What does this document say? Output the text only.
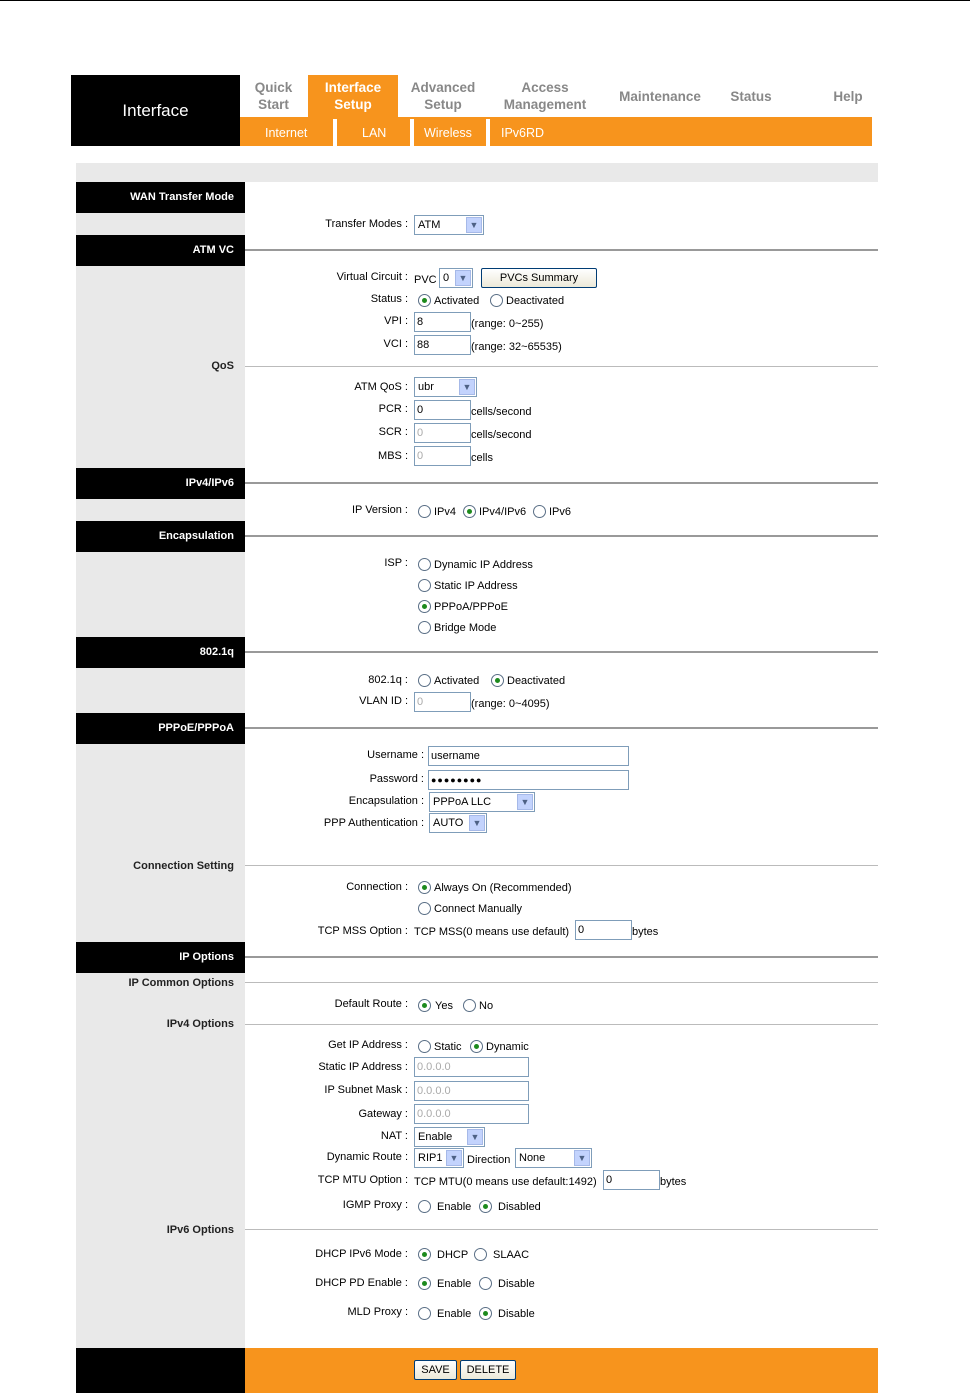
Interface
Quick
Start
Interface
Setup
Advanced
Setup
Access
Management
Maintenance	Status	Help
Internet	LAN	Wireless IPv6RD
WAN Transfer Mode
ATM VC
IPv4/IPv6
Encapsulation
802.1q
PPPoE/PPPoA
IP Options
QoS
Connection Setting
IP Common Options
IPv4 Options
IPv6 Options
Transfer Modes : ATM	▼
Virtual Circuit : PVC 0	▼	PVCs Summary
Status : Activated Deactivated
VPI :
8	(range: 0~255)
VCI :
88	(range: 32~65535)
ATM QoS : ubr	▼
PCR :
0	cells/second
SCR :
0	cells/second
MBS :
0	cells
IP Version : IPv4 IPv4/IPv6 IPv6
ISP : Dynamic IP Address
Static IP Address
PPPoA/PPPoE
Bridge Mode
802.1q : Activated	Deactivated
VLAN ID :
0	(range: 0~4095)
Username :
username
Password : ●●●●●●●●
Encapsulation : PPPoA LLC	▼
PPP Authentication : AUTO	▼
Connection : Always On (Recommended)
Connect Manually
TCP MSS Option : TCP MSS(0 means use default)
0	bytes
Default Route : Yes No
Get IP Address : Static Dynamic
Static IP Address :
0.0.0.0
IP Subnet Mask :
0.0.0.0
Gateway :
0.0.0.0
NAT : Enable	▼
Dynamic Route : RIP1 ▼ Direction None	▼
TCP MTU Option : TCP MTU(0 means use default:1492)
0	bytes
IGMP Proxy :	Enable Disabled
DHCP IPv6 Mode :	DHCP SLAAC
DHCP PD Enable :	Enable Disable
MLD Proxy :	Enable Disable
SAVE	DELETE
